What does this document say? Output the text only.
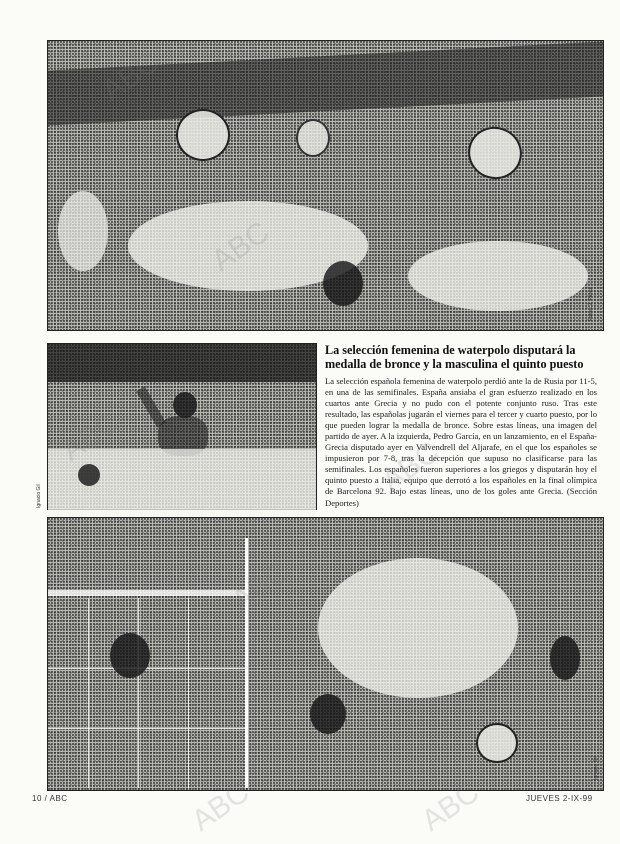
Fotos: J. Pérez
Ignacio Gil
La selección femenina de waterpolo disputará la medalla de bronce y la masculina el quinto puesto

La selección española femenina de waterpolo perdió ante la de Rusia por 11-5, en una de las semifinales. España ansiaba el gran esfuerzo realizado en los cuartos ante Grecia y no pudo con el potente conjunto ruso. Tras este resultado, las españolas jugarán el viernes para el tercer y cuarto puesto, por lo que pueden lograr la medalla de bronce. Sobre estas líneas, una imagen del partido de ayer. A la izquierda, Pedro García, en un lanzamiento, en el España-Grecia disputado ayer en Valvendrell del Aljarafe, en el que los españoles se impusieron por 7-8, tras la decepción que supuso no clasificarse para las semifinales. Los españoles fueron superiores a los griegos y disputarán hoy el quinto puesto a Italia, equipo que derrotó a los españoles en la final olímpica de Barcelona 92. Bajo estas líneas, uno de los goles ante Grecia. (Sección Deportes)

Ignacio Gil
10 / ABC	JUEVES 2-IX-99
ABC
ABC	ABC
